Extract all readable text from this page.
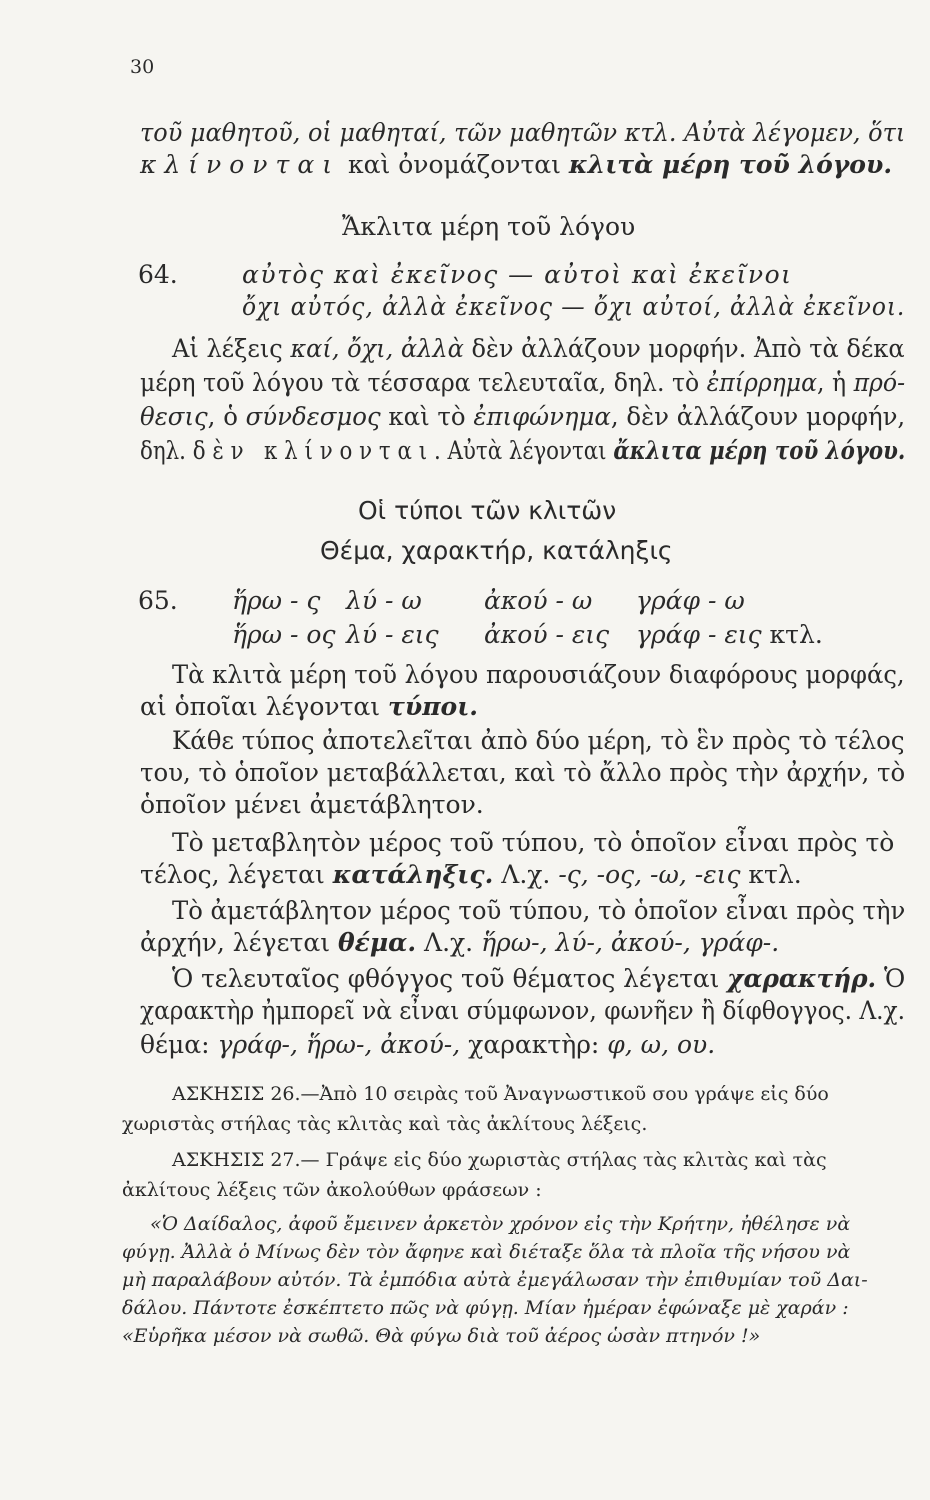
30
τοῦ μαθητοῦ, οἱ μαθηταί, τῶν μαθητῶν κτλ. Αὐτὰ λέγομεν, ὅτι
κλίνονται καὶ ὀνομάζονται κλιτὰ μέρη τοῦ λόγου.
Ἄκλιτα μέρη τοῦ λόγου
64.	αὐτὸς καὶ ἐκεῖνος — αὐτοὶ καὶ ἐκεῖνοι
ὄχι αὐτός, ἀλλὰ ἐκεῖνος — ὄχι αὐτοί, ἀλλὰ ἐκεῖνοι.
Αἱ λέξεις καί, ὄχι, ἀλλὰ δὲν ἀλλάζουν μορφήν. Ἀπὸ τὰ δέκα
μέρη τοῦ λόγου τὰ τέσσαρα τελευταῖα, δηλ. τὸ ἐπίρρημα, ἡ πρό-
θεσις, ὁ σύνδεσμος καὶ τὸ ἐπιφώνημα, δὲν ἀλλάζουν μορφήν,
δηλ. δὲν κλίνονται. Αὐτὰ λέγονται ἄκλιτα μέρη τοῦ λόγου.
Οἱ τύποι τῶν κλιτῶν
Θέμα, χαρακτήρ, κατάληξις
65. ἥρω - ς λύ - ω ἀκού - ω γράφ - ω
ἥρω - ος λύ - εις ἀκού - εις γράφ - εις κτλ.
Τὰ κλιτὰ μέρη τοῦ λόγου παρουσιάζουν διαφόρους μορφάς,
αἱ ὁποῖαι λέγονται τύποι.
Κάθε τύπος ἀποτελεῖται ἀπὸ δύο μέρη, τὸ ἓν πρὸς τὸ τέλος
του, τὸ ὁποῖον μεταβάλλεται, καὶ τὸ ἄλλο πρὸς τὴν ἀρχήν, τὸ
ὁποῖον μένει ἀμετάβλητον.
Τὸ μεταβλητὸν μέρος τοῦ τύπου, τὸ ὁποῖον εἶναι πρὸς τὸ
τέλος, λέγεται κατάληξις. Λ.χ. -ς, -ος, -ω, -εις κτλ.
Τὸ ἀμετάβλητον μέρος τοῦ τύπου, τὸ ὁποῖον εἶναι πρὸς τὴν
ἀρχήν, λέγεται θέμα. Λ.χ. ἥρω-, λύ-, ἀκού-, γράφ-.
Ὁ τελευταῖος φθόγγος τοῦ θέματος λέγεται χαρακτήρ. Ὁ
χαρακτὴρ ἠμπορεῖ νὰ εἶναι σύμφωνον, φωνῆεν ἢ δίφθογγος. Λ.χ.
θέμα: γράφ-, ἥρω-, ἀκού-, χαρακτὴρ: φ, ω, ου.
ΑΣΚΗΣΙΣ 26.—Ἀπὸ 10 σειρὰς τοῦ Ἀναγνωστικοῦ σου γράψε εἰς δύο
χωριστὰς στήλας τὰς κλιτὰς καὶ τὰς ἀκλίτους λέξεις.
ΑΣΚΗΣΙΣ 27.— Γράψε εἰς δύο χωριστὰς στήλας τὰς κλιτὰς καὶ τὰς
ἀκλίτους λέξεις τῶν ἀκολούθων φράσεων :
«Ὁ Δαίδαλος, ἀφοῦ ἔμεινεν ἀρκετὸν χρόνον εἰς τὴν Κρήτην, ἠθέλησε νὰ
φύγῃ. Ἀλλὰ ὁ Μίνως δὲν τὸν ἄφηνε καὶ διέταξε ὅλα τὰ πλοῖα τῆς νήσου νὰ
μὴ παραλάβουν αὐτόν. Τὰ ἐμπόδια αὐτὰ ἐμεγάλωσαν τὴν ἐπιθυμίαν τοῦ Δαι-
δάλου. Πάντοτε ἐσκέπτετο πῶς νὰ φύγῃ. Μίαν ἡμέραν ἐφώναξε μὲ χαράν :
«Εὑρῆκα μέσον νὰ σωθῶ. Θὰ φύγω διὰ τοῦ ἀέρος ὡσὰν πτηνόν !»
